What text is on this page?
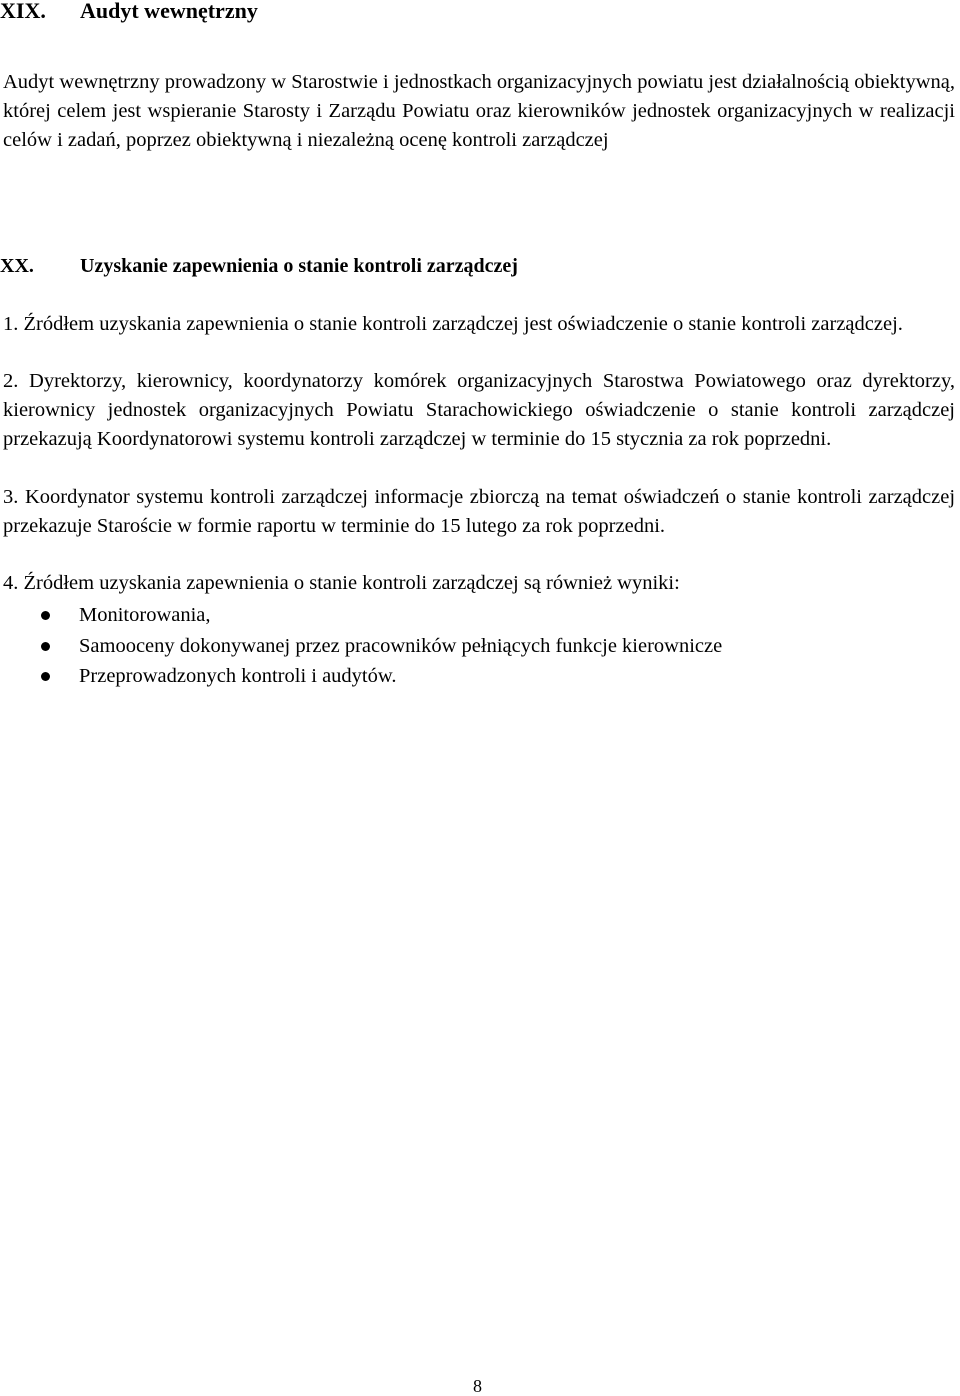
XIX. Audyt wewnętrzny

Audyt wewnętrzny prowadzony w Starostwie i jednostkach organizacyjnych powiatu jest działalnością obiektywną, której celem jest wspieranie Starosty i Zarządu Powiatu oraz kierowników jednostek organizacyjnych w realizacji celów i zadań, poprzez obiektywną i niezależną ocenę kontroli zarządczej

XX. Uzyskanie zapewnienia o stanie kontroli zarządczej

1. Źródłem uzyskania zapewnienia o stanie kontroli zarządczej jest oświadczenie o stanie kontroli zarządczej.

2. Dyrektorzy, kierownicy, koordynatorzy komórek organizacyjnych Starostwa Powiatowego oraz dyrektorzy, kierownicy jednostek organizacyjnych Powiatu Starachowickiego oświadczenie o stanie kontroli zarządczej przekazują Koordynatorowi systemu kontroli zarządczej w terminie do 15 stycznia za rok poprzedni.

3. Koordynator systemu kontroli zarządczej informacje zbiorczą na temat oświadczeń o stanie kontroli zarządczej przekazuje Staroście w formie raportu w terminie do 15 lutego za rok poprzedni.

4. Źródłem uzyskania zapewnienia o stanie kontroli zarządczej są również wyniki:

Monitorowania,
Samooceny dokonywanej przez pracowników pełniących funkcje kierownicze
Przeprowadzonych kontroli i audytów.
8
